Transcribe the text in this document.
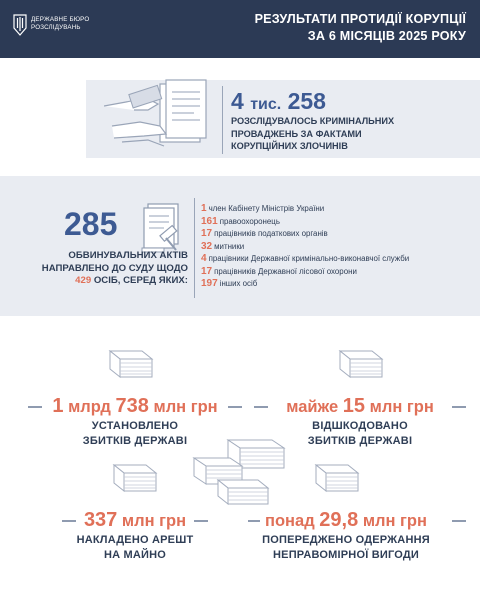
ДЕРЖАВНЕ БЮРО
РОЗСЛІДУВАНЬ
РЕЗУЛЬТАТИ ПРОТИДІЇ КОРУПЦІЇ
ЗА 6 МІСЯЦІВ 2025 РОКУ
4 тис. 258
РОЗСЛІДУВАЛОСЬ КРИМІНАЛЬНИХ
ПРОВАДЖЕНЬ ЗА ФАКТАМИ
КОРУПЦІЙНИХ ЗЛОЧИНІВ
285
ОБВИНУВАЛЬНИХ АКТІВ
НАПРАВЛЕНО ДО СУДУ ЩОДО
429 ОСІБ, СЕРЕД ЯКИХ:
1 член Кабінету Міністрів України
161 правоохоронець
17 працівників податкових органів
32 митники
4 працівники Державної кримінально-виконавчої служби
17 працівників Державної лісової охорони
197 інших осіб
1 млрд 738 млн грн
УСТАНОВЛЕНО
ЗБИТКІВ ДЕРЖАВІ
майже 15 млн грн
ВІДШКОДОВАНО
ЗБИТКІВ ДЕРЖАВІ
337 млн грн
НАКЛАДЕНО АРЕШТ
НА МАЙНО
понад 29,8 млн грн
ПОПЕРЕДЖЕНО ОДЕРЖАННЯ
НЕПРАВОМІРНОЇ ВИГОДИ
